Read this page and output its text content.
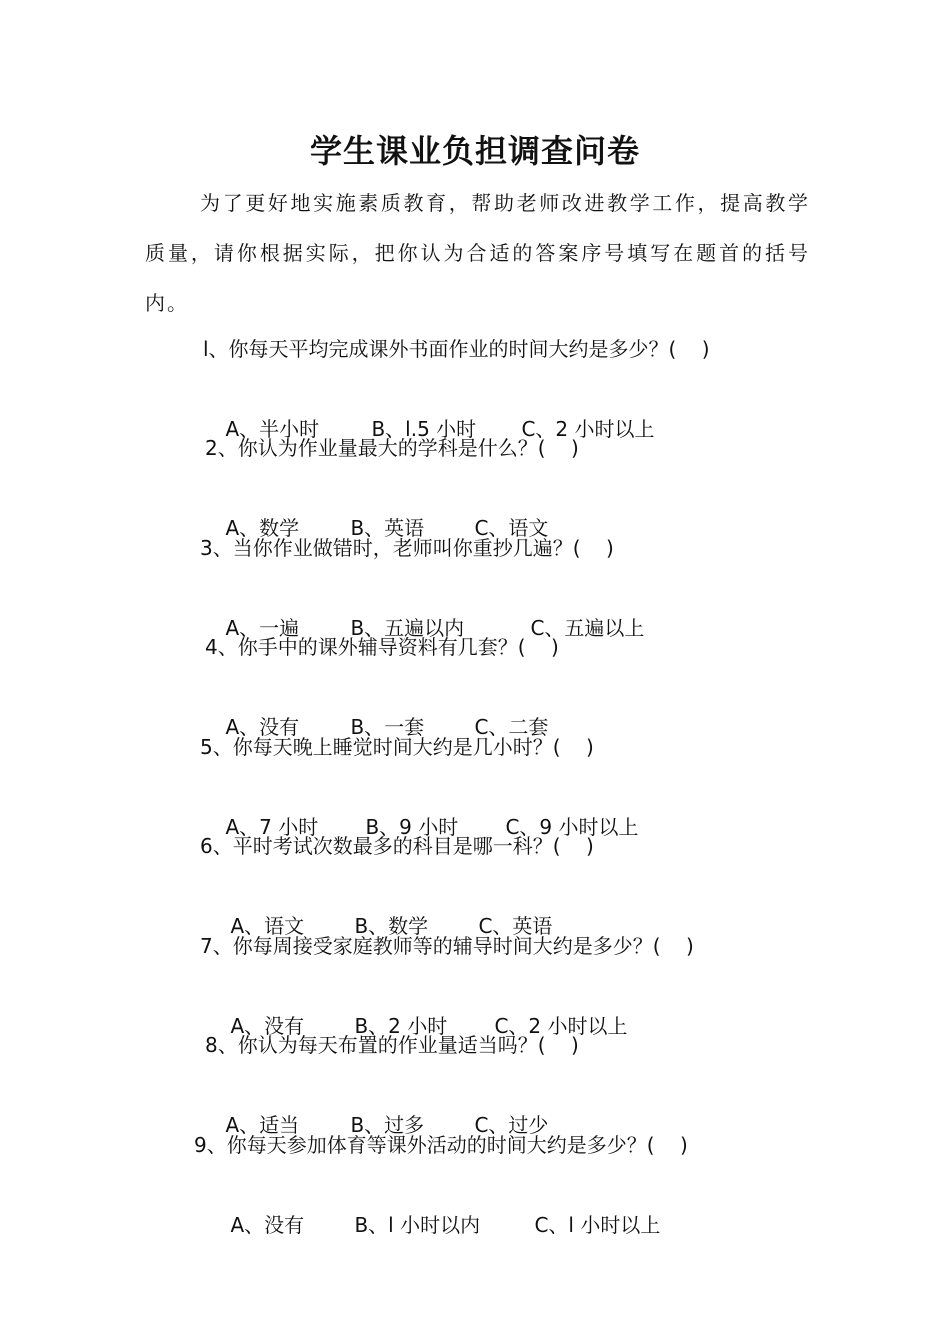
学生课业负担调查问卷
为了更好地实施素质教育，帮助老师改进教学工作，提高教学质量，请你根据实际，把你认为合适的答案序号填写在题首的括号内。
l、你每天平均完成课外书面作业的时间大约是多少？(    )

A、半小时	B、l.5 小时 C、2 小时以上

2、你认为作业量最大的学科是什么？(    )

A、数学	B、英语	C、语文

3、当你作业做错时，老师叫你重抄几遍？(    )

A、一遍	B、五遍以内	C、五遍以上

4、你手中的课外辅导资料有几套？(    )

A、没有	B、一套	C、二套

5、你每天晚上睡觉时间大约是几小时？(    )

A、7 小时 B、9 小时 C、9 小时以上

6、平时考试次数最多的科目是哪一科？(    )

A、语文	B、数学	C、英语

7、你每周接受家庭教师等的辅导时间大约是多少？(    )

A、没有	B、2 小时 C、2 小时以上

8、你认为每天布置的作业量适当吗？(    )

A、适当	B、过多	C、过少

9、你每天参加体育等课外活动的时间大约是多少？(    )

A、没有	B、l 小时以内	C、l 小时以上
